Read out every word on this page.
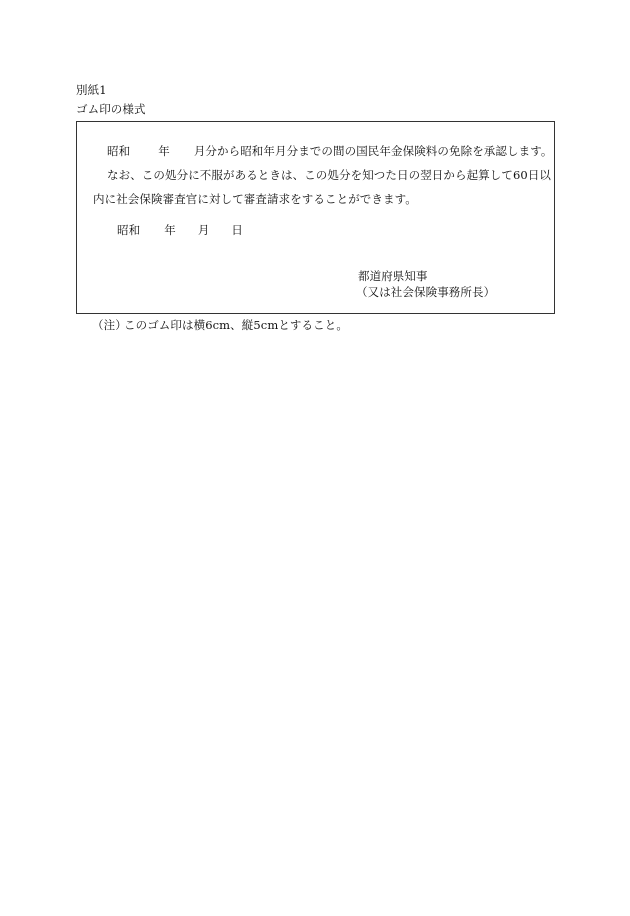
別紙1
ゴム印の様式
昭和 年 月分から昭和年月分までの間の国民年金保険料の免除を承認します。
なお、この処分に不服があるときは、この処分を知つた日の翌日から起算して60日以
内に社会保険審査官に対して審査請求をすることができます。
昭和 年 月 日
都道府県知事
（又は社会保険事務所長）
（注）このゴム印は横6cm、縦5cmとすること。
